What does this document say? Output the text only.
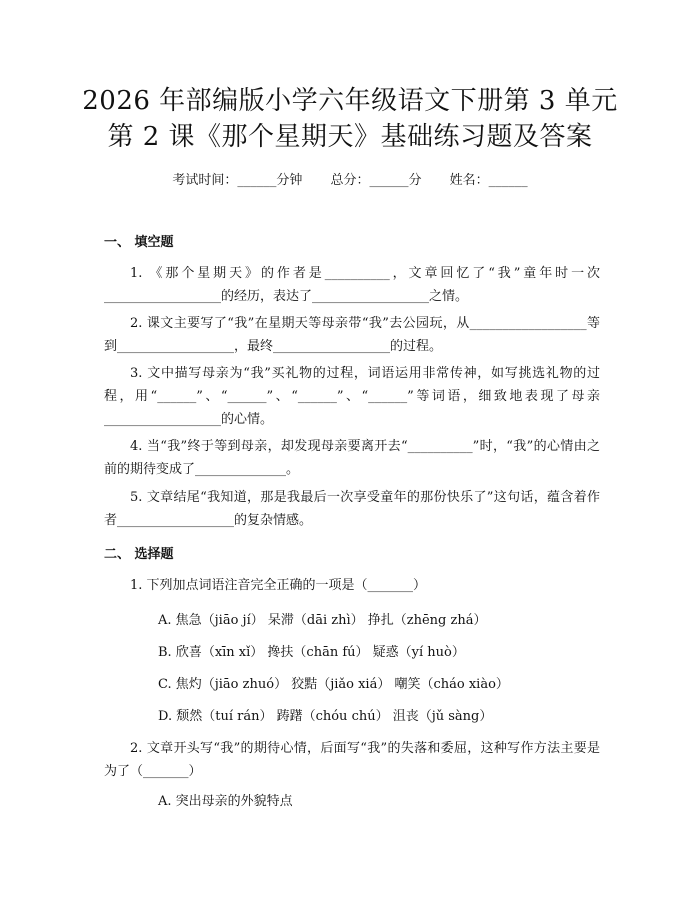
2026 年部编版小学六年级语文下册第 3 单元
第 2 课《那个星期天》基础练习题及答案
考试时间：______分钟 总分：______分 姓名：______
一、 填空题
1. 《那个星期天》的作者是__________，文章回忆了“我”童年时一次__________________的经历，表达了__________________之情。
2. 课文主要写了“我”在星期天等母亲带“我”去公园玩，从__________________等到__________________，最终__________________的过程。
3. 文中描写母亲为“我”买礼物的过程，词语运用非常传神，如写挑选礼物的过程，用“______”、“______”、“______”、“______”等词语，细致地表现了母亲__________________的心情。
4. 当“我”终于等到母亲，却发现母亲要离开去“__________”时，“我”的心情由之前的期待变成了______________。
5. 文章结尾“我知道，那是我最后一次享受童年的那份快乐了”这句话，蕴含着作者__________________的复杂情感。
二、 选择题
1. 下列加点词语注音完全正确的一项是（_______）
A. 焦急（jiāo jí） 呆滞（dāi zhì） 挣扎（zhēng zhá）
B. 欣喜（xīn xǐ） 搀扶（chān fú） 疑惑（yí huò）
C. 焦灼（jiāo zhuó） 狡黠（jiǎo xiá） 嘲笑（cháo xiào）
D. 颓然（tuí rán） 踌躇（chóu chú） 沮丧（jǔ sàng）
2. 文章开头写“我”的期待心情，后面写“我”的失落和委屈，这种写作方法主要是为了（_______）
A. 突出母亲的外貌特点
